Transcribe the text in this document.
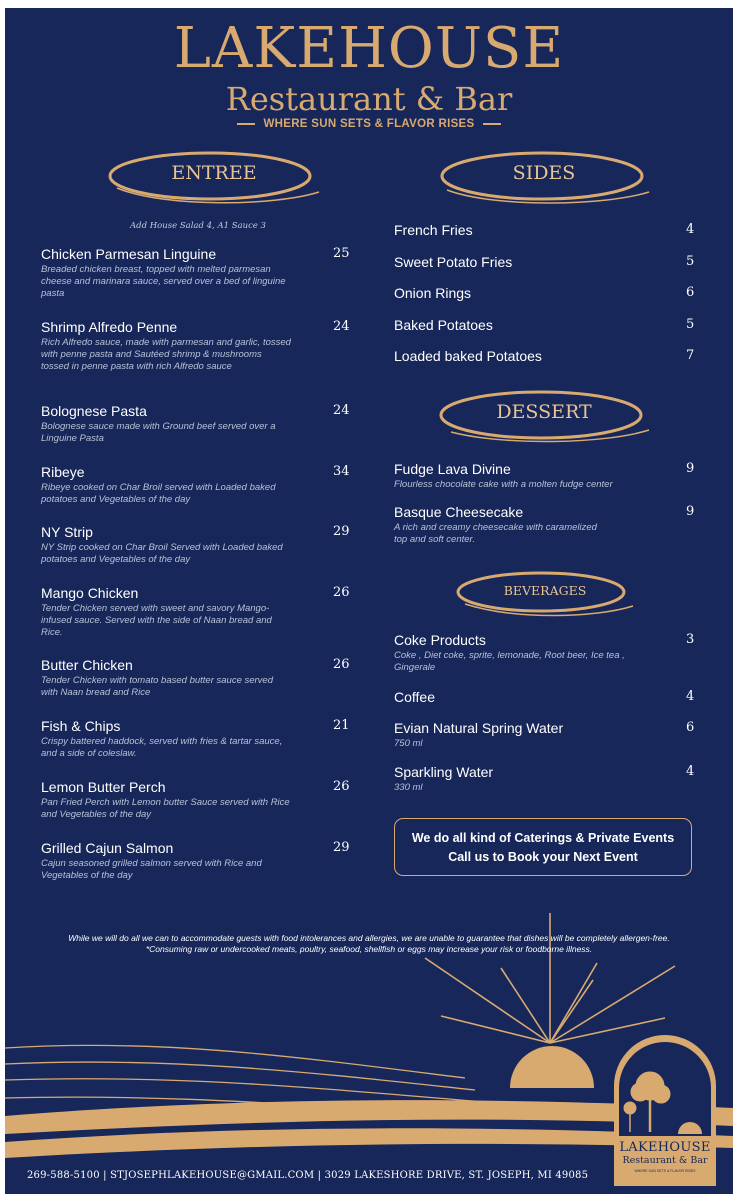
LAKEHOUSE
Restaurant & Bar
WHERE SUN SETS & FLAVOR RISES
ENTREE
Add House Salad 4, A1 Sauce 3
Chicken Parmesan Linguine
Breaded chicken breast, topped with melted parmesan cheese and marinara sauce, served over a bed of linguine pasta
25
Shrimp Alfredo Penne
Rich Alfredo sauce, made with parmesan and garlic, tossed with penne pasta and Sautéed shrimp & mushrooms tossed in penne pasta with rich Alfredo sauce
24
Bolognese Pasta
Bolognese sauce made with Ground beef served over a Linguine Pasta
24
Ribeye
Ribeye cooked on Char Broil served with Loaded baked potatoes and Vegetables of the day
34
NY Strip
NY Strip cooked on Char Broil Served with Loaded baked potatoes and Vegetables of the day
29
Mango Chicken
Tender Chicken served with sweet and savory Mango-infused sauce. Served with the side of Naan bread and Rice.
26
Butter Chicken
Tender Chicken with tomato based butter sauce served with Naan bread and Rice
26
Fish & Chips
Crispy battered haddock, served with fries & tartar sauce, and a side of coleslaw.
21
Lemon Butter Perch
Pan Fried Perch with Lemon butter Sauce served with Rice and Vegetables of the day
26
Grilled Cajun Salmon
Cajun seasoned grilled salmon served with Rice and Vegetables of the day
29
SIDES
French Fries	4
Sweet Potato Fries	5
Onion Rings	6
Baked Potatoes	5
Loaded baked Potatoes	7
DESSERT
Fudge Lava Divine
Flourless chocolate cake with a molten fudge center
9
Basque Cheesecake
A rich and creamy cheesecake with caramelized top and soft center.
9
BEVERAGES
Coke Products
Coke , Diet coke, sprite, lemonade, Root beer, Ice tea , Gingerale
3
Coffee	4
Evian Natural Spring Water
750 ml
6
Sparkling Water
330 ml
4
We do all kind of Caterings & Private Events
Call us to Book your Next Event
While we will do all we can to accommodate guests with food intolerances and allergies, we are unable to guarantee that dishes will be completely allergen-free.
*Consuming raw or undercooked meats, poultry, seafood, shellfish or eggs may increase your risk or foodborne illness.
269-588-5100 | STJOSEPHLAKEHOUSE@GMAIL.COM | 3029 LAKESHORE DRIVE, ST. JOSEPH, MI 49085
LAKEHOUSE
Restaurant & Bar
WHERE SUN SETS & FLAVOR RISES
